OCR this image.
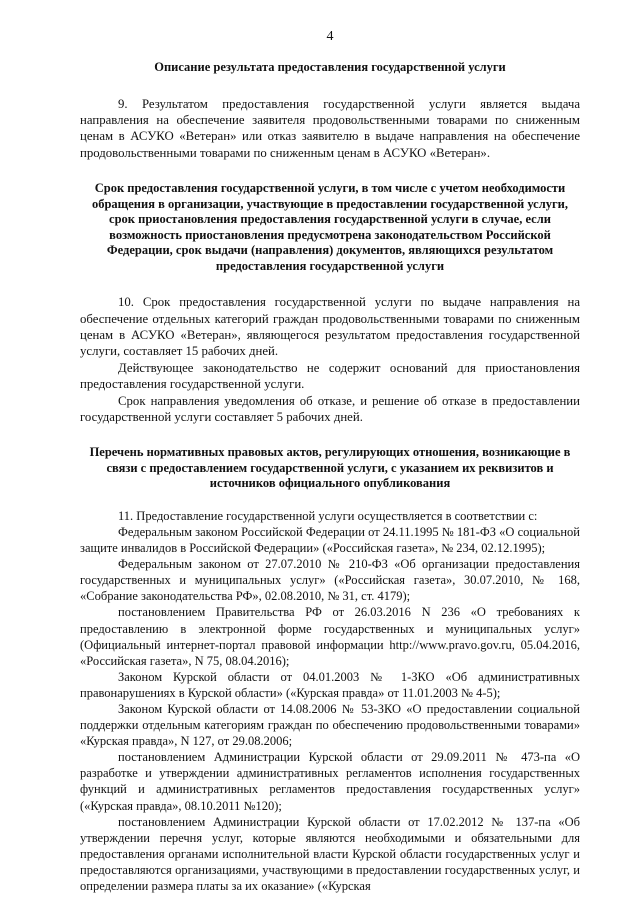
4
Описание результата предоставления государственной услуги

9. Результатом предоставления государственной услуги является выдача направления на обеспечение заявителя продовольственными товарами по сниженным ценам в АСУКО «Ветеран» или отказ заявителю в выдаче направления на обеспечение продовольственными товарами по сниженным ценам в АСУКО «Ветеран».

Срок предоставления государственной услуги, в том числе с учетом необходимости обращения в организации, участвующие в предоставлении государственной услуги, срок приостановления предоставления государственной услуги в случае, если возможность приостановления предусмотрена законодательством Российской Федерации, срок выдачи (направления) документов, являющихся результатом предоставления государственной услуги

10. Срок предоставления государственной услуги по выдаче направления на обеспечение отдельных категорий граждан продовольственными товарами по сниженным ценам в АСУКО «Ветеран», являющегося результатом предоставления государственной услуги, составляет 15 рабочих дней.

Действующее законодательство не содержит оснований для приостановления предоставления государственной услуги.

Срок направления уведомления об отказе, и решение об отказе в предоставлении государственной услуги составляет 5 рабочих дней.

Перечень нормативных правовых актов, регулирующих отношения, возникающие в связи с предоставлением государственной услуги, с указанием их реквизитов и источников официального опубликования

11. Предоставление государственной услуги осуществляется в соответствии с:

Федеральным законом Российской Федерации от 24.11.1995 № 181-ФЗ «О социальной защите инвалидов в Российской Федерации» («Российская газета», № 234, 02.12.1995);

Федеральным законом от 27.07.2010 № 210-ФЗ «Об организации предоставления государственных и муниципальных услуг» («Российская газета», 30.07.2010, № 168, «Собрание законодательства РФ», 02.08.2010, № 31, ст. 4179);

постановлением Правительства РФ от 26.03.2016 N 236 «О требованиях к предоставлению в электронной форме государственных и муниципальных услуг» (Официальный интернет-портал правовой информации http://www.pravo.gov.ru, 05.04.2016, «Российская газета», N 75, 08.04.2016);

Законом Курской области от 04.01.2003 № 1-ЗКО «Об административных правонарушениях в Курской области» («Курская правда» от 11.01.2003 № 4-5);

Законом Курской области от 14.08.2006 № 53-ЗКО «О предоставлении социальной поддержки отдельным категориям граждан по обеспечению продовольственными товарами» «Курская правда», N 127, от 29.08.2006;

постановлением Администрации Курской области от 29.09.2011 № 473-па «О разработке и утверждении административных регламентов исполнения государственных функций и административных регламентов предоставления государственных услуг» («Курская правда», 08.10.2011 №120);

постановлением Администрации Курской области от 17.02.2012 № 137-па «Об утверждении перечня услуг, которые являются необходимыми и обязательными для предоставления органами исполнительной власти Курской области государственных услуг и предоставляются организациями, участвующими в предоставлении государственных услуг, и определении размера платы за их оказание» («Курская
